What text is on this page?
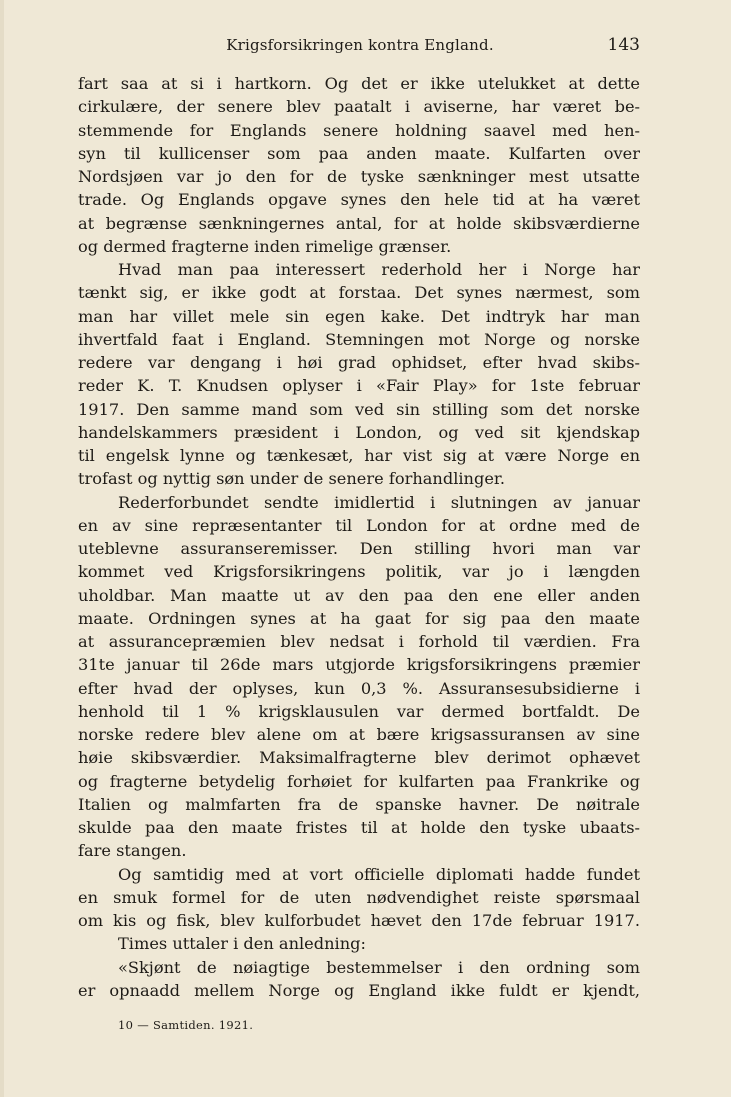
Krigsforsikringen kontra England.	143
fart saa at si i hartkorn. Og det er ikke utelukket at dette
cirkulære, der senere blev paatalt i aviserne, har været be-
stemmende for Englands senere holdning saavel med hen-
syn til kullicenser som paa anden maate. Kulfarten over
Nordsjøen var jo den for de tyske sænkninger mest utsatte
trade. Og Englands opgave synes den hele tid at ha været
at begrænse sænkningernes antal, for at holde skibsværdierne
og dermed fragterne inden rimelige grænser.
Hvad man paa interessert rederhold her i Norge har
tænkt sig, er ikke godt at forstaa. Det synes nærmest, som
man har villet mele sin egen kake. Det indtryk har man
ihvertfald faat i England. Stemningen mot Norge og norske
redere var dengang i høi grad ophidset, efter hvad skibs-
reder K. T. Knudsen oplyser i «Fair Play» for 1ste februar
1917. Den samme mand som ved sin stilling som det norske
handelskammers præsident i London, og ved sit kjendskap
til engelsk lynne og tænkesæt, har vist sig at være Norge en
trofast og nyttig søn under de senere forhandlinger.
Rederforbundet sendte imidlertid i slutningen av januar
en av sine repræsentanter til London for at ordne med de
uteblevne assuranseremisser. Den stilling hvori man var
kommet ved Krigsforsikringens politik, var jo i længden
uholdbar. Man maatte ut av den paa den ene eller anden
maate. Ordningen synes at ha gaat for sig paa den maate
at assurancepræmien blev nedsat i forhold til værdien. Fra
31te januar til 26de mars utgjorde krigsforsikringens præmier
efter hvad der oplyses, kun 0,3 %. Assuransesubsidierne i
henhold til 1 % krigsklausulen var dermed bortfaldt. De
norske redere blev alene om at bære krigsassuransen av sine
høie skibsværdier. Maksimalfragterne blev derimot ophævet
og fragterne betydelig forhøiet for kulfarten paa Frankrike og
Italien og malmfarten fra de spanske havner. De nøitrale
skulde paa den maate fristes til at holde den tyske ubaats-
fare stangen.
Og samtidig med at vort officielle diplomati hadde fundet
en smuk formel for de uten nødvendighet reiste spørsmaal
om kis og fisk, blev kulforbudet hævet den 17de februar 1917.
Times uttaler i den anledning:
«Skjønt de nøiagtige bestemmelser i den ordning som
er opnaadd mellem Norge og England ikke fuldt er kjendt,
10 — Samtiden. 1921.
